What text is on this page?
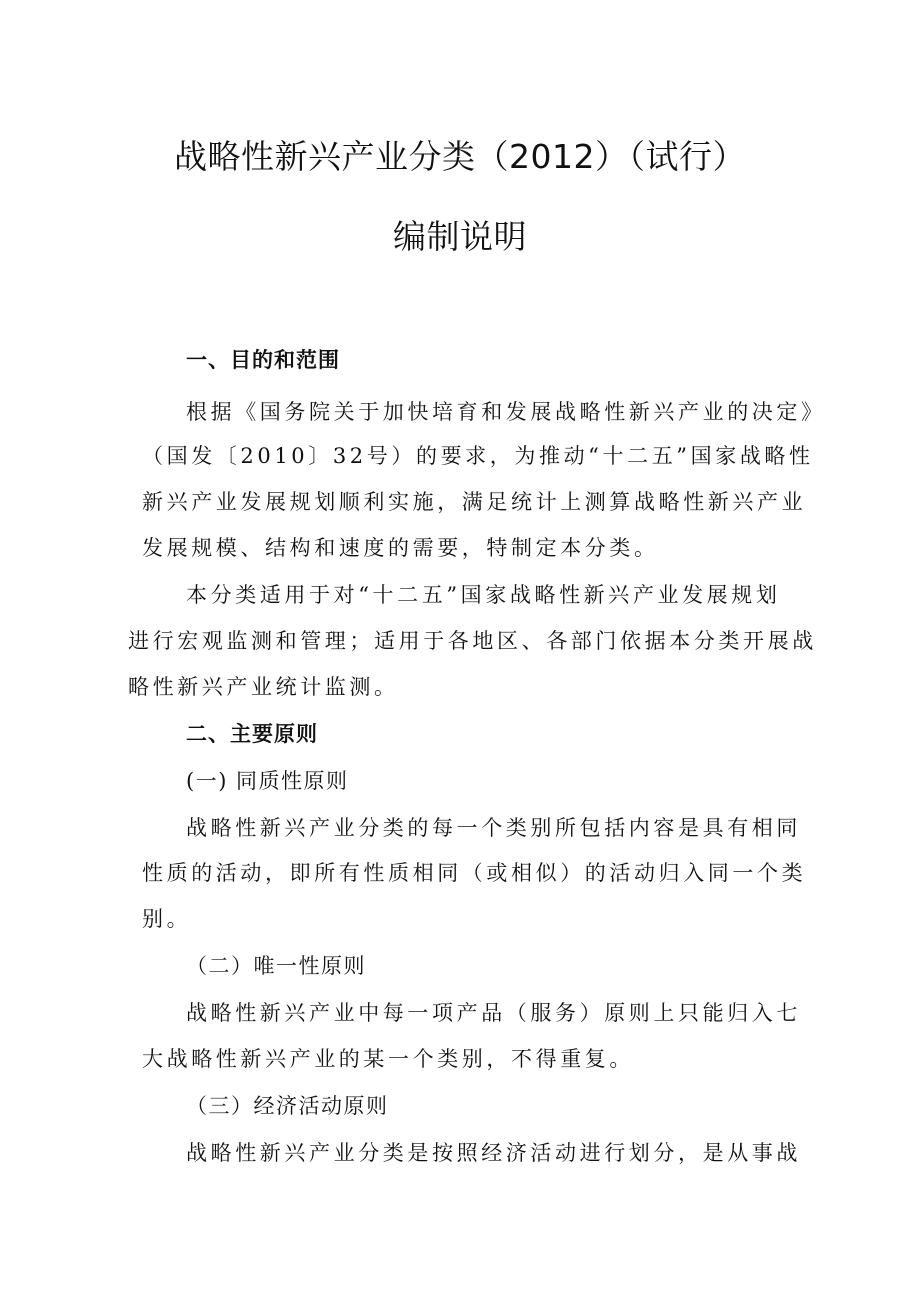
战略性新兴产业分类（2012）（试行）
编制说明
一、目的和范围
根据《国务院关于加快培育和发展战略性新兴产业的决定》
（国发〔2010〕32号）的要求，为推动“十二五”国家战略性
新兴产业发展规划顺利实施，满足统计上测算战略性新兴产业
发展规模、结构和速度的需要，特制定本分类。
本分类适用于对“十二五”国家战略性新兴产业发展规划
进行宏观监测和管理；适用于各地区、各部门依据本分类开展战
略性新兴产业统计监测。
二、主要原则
(一) 同质性原则
战略性新兴产业分类的每一个类别所包括内容是具有相同
性质的活动，即所有性质相同（或相似）的活动归入同一个类
别。
（二）唯一性原则
战略性新兴产业中每一项产品（服务）原则上只能归入七
大战略性新兴产业的某一个类别，不得重复。
（三）经济活动原则
战略性新兴产业分类是按照经济活动进行划分，是从事战
